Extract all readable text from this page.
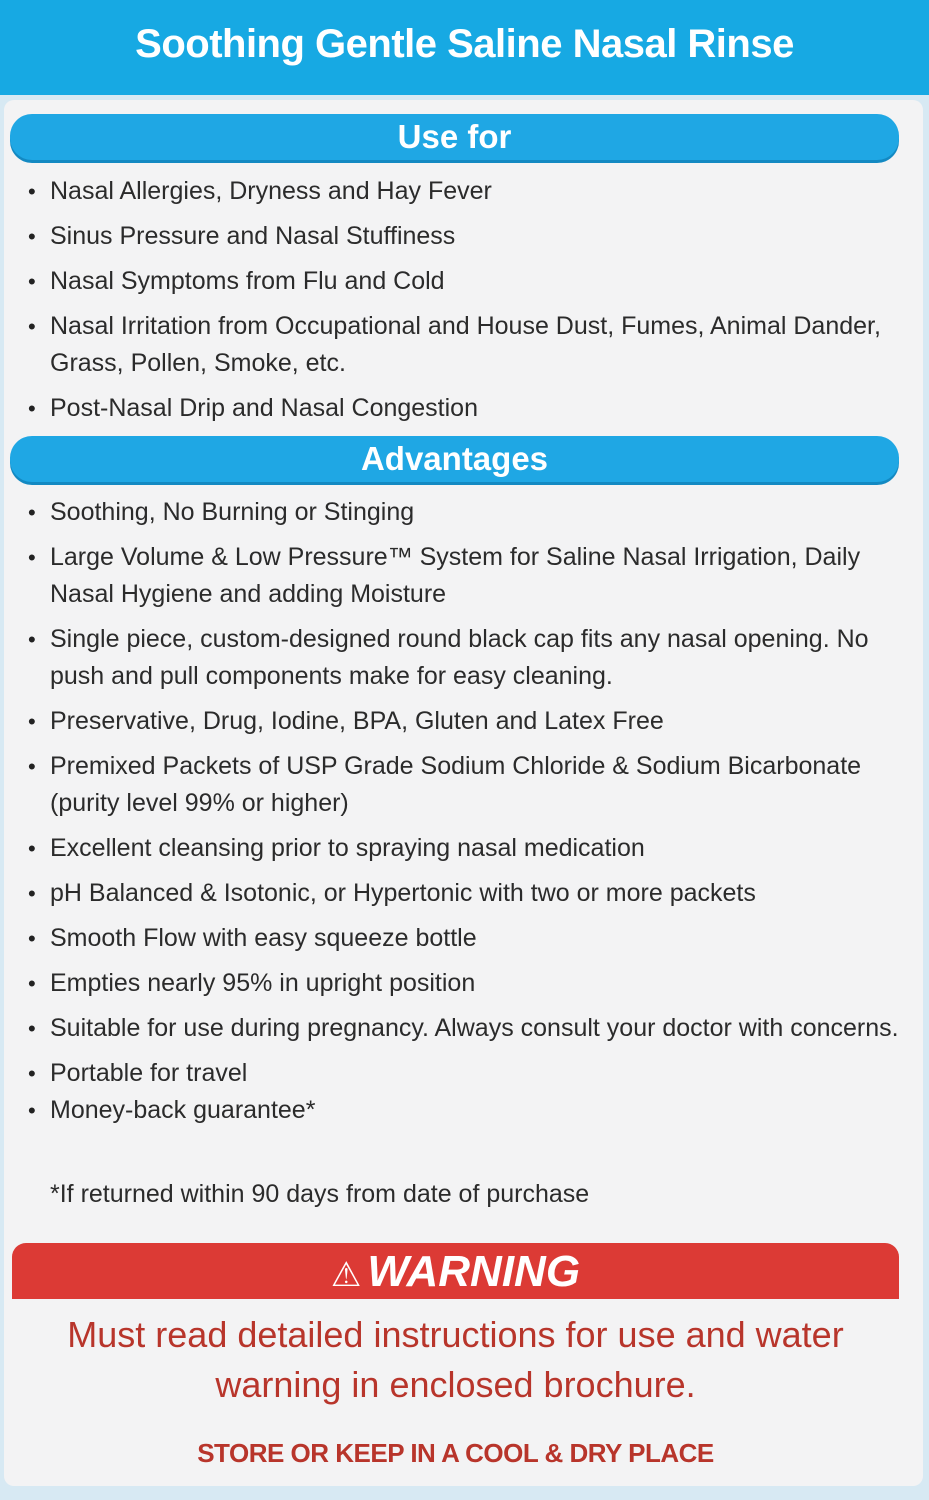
Soothing Gentle Saline Nasal Rinse
Use for
• Nasal Allergies, Dryness and Hay Fever
• Sinus Pressure and Nasal Stuffiness
• Nasal Symptoms from Flu and Cold
• Nasal Irritation from Occupational and House Dust, Fumes, Animal Dander, Grass, Pollen, Smoke, etc.
• Post-Nasal Drip and Nasal Congestion
Advantages
• Soothing, No Burning or Stinging
• Large Volume & Low Pressure™ System for Saline Nasal Irrigation, Daily Nasal Hygiene and adding Moisture
• Single piece, custom-designed round black cap fits any nasal opening. No push and pull components make for easy cleaning.
• Preservative, Drug, Iodine, BPA, Gluten and Latex Free
• Premixed Packets of USP Grade Sodium Chloride & Sodium Bicarbonate (purity level 99% or higher)
• Excellent cleansing prior to spraying nasal medication
• pH Balanced & Isotonic, or Hypertonic with two or more packets
• Smooth Flow with easy squeeze bottle
• Empties nearly 95% in upright position
• Suitable for use during pregnancy. Always consult your doctor with concerns.
• Portable for travel
• Money-back guarantee*
*If returned within 90 days from date of purchase
⚠ WARNING
Must read detailed instructions for use and water warning in enclosed brochure.
STORE OR KEEP IN A COOL & DRY PLACE
